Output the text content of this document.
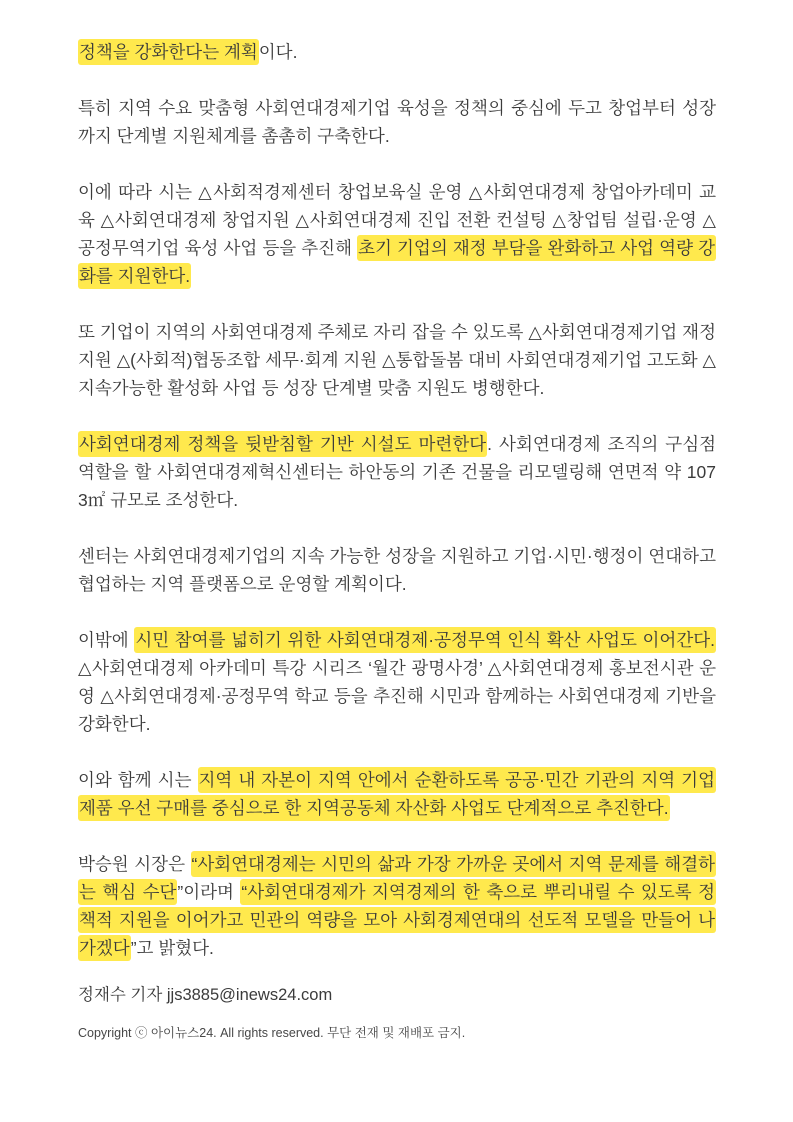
정책을 강화한다는 계획이다.

특히 지역 수요 맞춤형 사회연대경제기업 육성을 정책의 중심에 두고 창업부터 성장까지 단계별 지원체계를 촘촘히 구축한다.

이에 따라 시는 △사회적경제센터 창업보육실 운영 △사회연대경제 창업아카데미 교육 △사회연대경제 창업지원 △사회연대경제 진입 전환 컨설팅 △창업팀 설립·운영 △공정무역기업 육성 사업 등을 추진해 초기 기업의 재정 부담을 완화하고 사업 역량 강화를 지원한다.

또 기업이 지역의 사회연대경제 주체로 자리 잡을 수 있도록 △사회연대경제기업 재정지원 △(사회적)협동조합 세무·회계 지원 △통합돌봄 대비 사회연대경제기업 고도화 △지속가능한 활성화 사업 등 성장 단계별 맞춤 지원도 병행한다.

사회연대경제 정책을 뒷받침할 기반 시설도 마련한다. 사회연대경제 조직의 구심점 역할을 할 사회연대경제혁신센터는 하안동의 기존 건물을 리모델링해 연면적 약 1073㎡ 규모로 조성한다.

센터는 사회연대경제기업의 지속 가능한 성장을 지원하고 기업·시민·행정이 연대하고 협업하는 지역 플랫폼으로 운영할 계획이다.

이밖에 시민 참여를 넓히기 위한 사회연대경제·공정무역 인식 확산 사업도 이어간다. △사회연대경제 아카데미 특강 시리즈 ‘월간 광명사경’ △사회연대경제 홍보전시관 운영 △사회연대경제·공정무역 학교 등을 추진해 시민과 함께하는 사회연대경제 기반을 강화한다.

이와 함께 시는 지역 내 자본이 지역 안에서 순환하도록 공공·민간 기관의 지역 기업 제품 우선 구매를 중심으로 한 지역공동체 자산화 사업도 단계적으로 추진한다.

박승원 시장은 “사회연대경제는 시민의 삶과 가장 가까운 곳에서 지역 문제를 해결하는 핵심 수단”이라며 “사회연대경제가 지역경제의 한 축으로 뿌리내릴 수 있도록 정책적 지원을 이어가고 민관의 역량을 모아 사회경제연대의 선도적 모델을 만들어 나가겠다”고 밝혔다.

정재수 기자 jjs3885@inews24.com
Copyright ⓒ 아이뉴스24. All rights reserved. 무단 전재 및 재배포 금지.
